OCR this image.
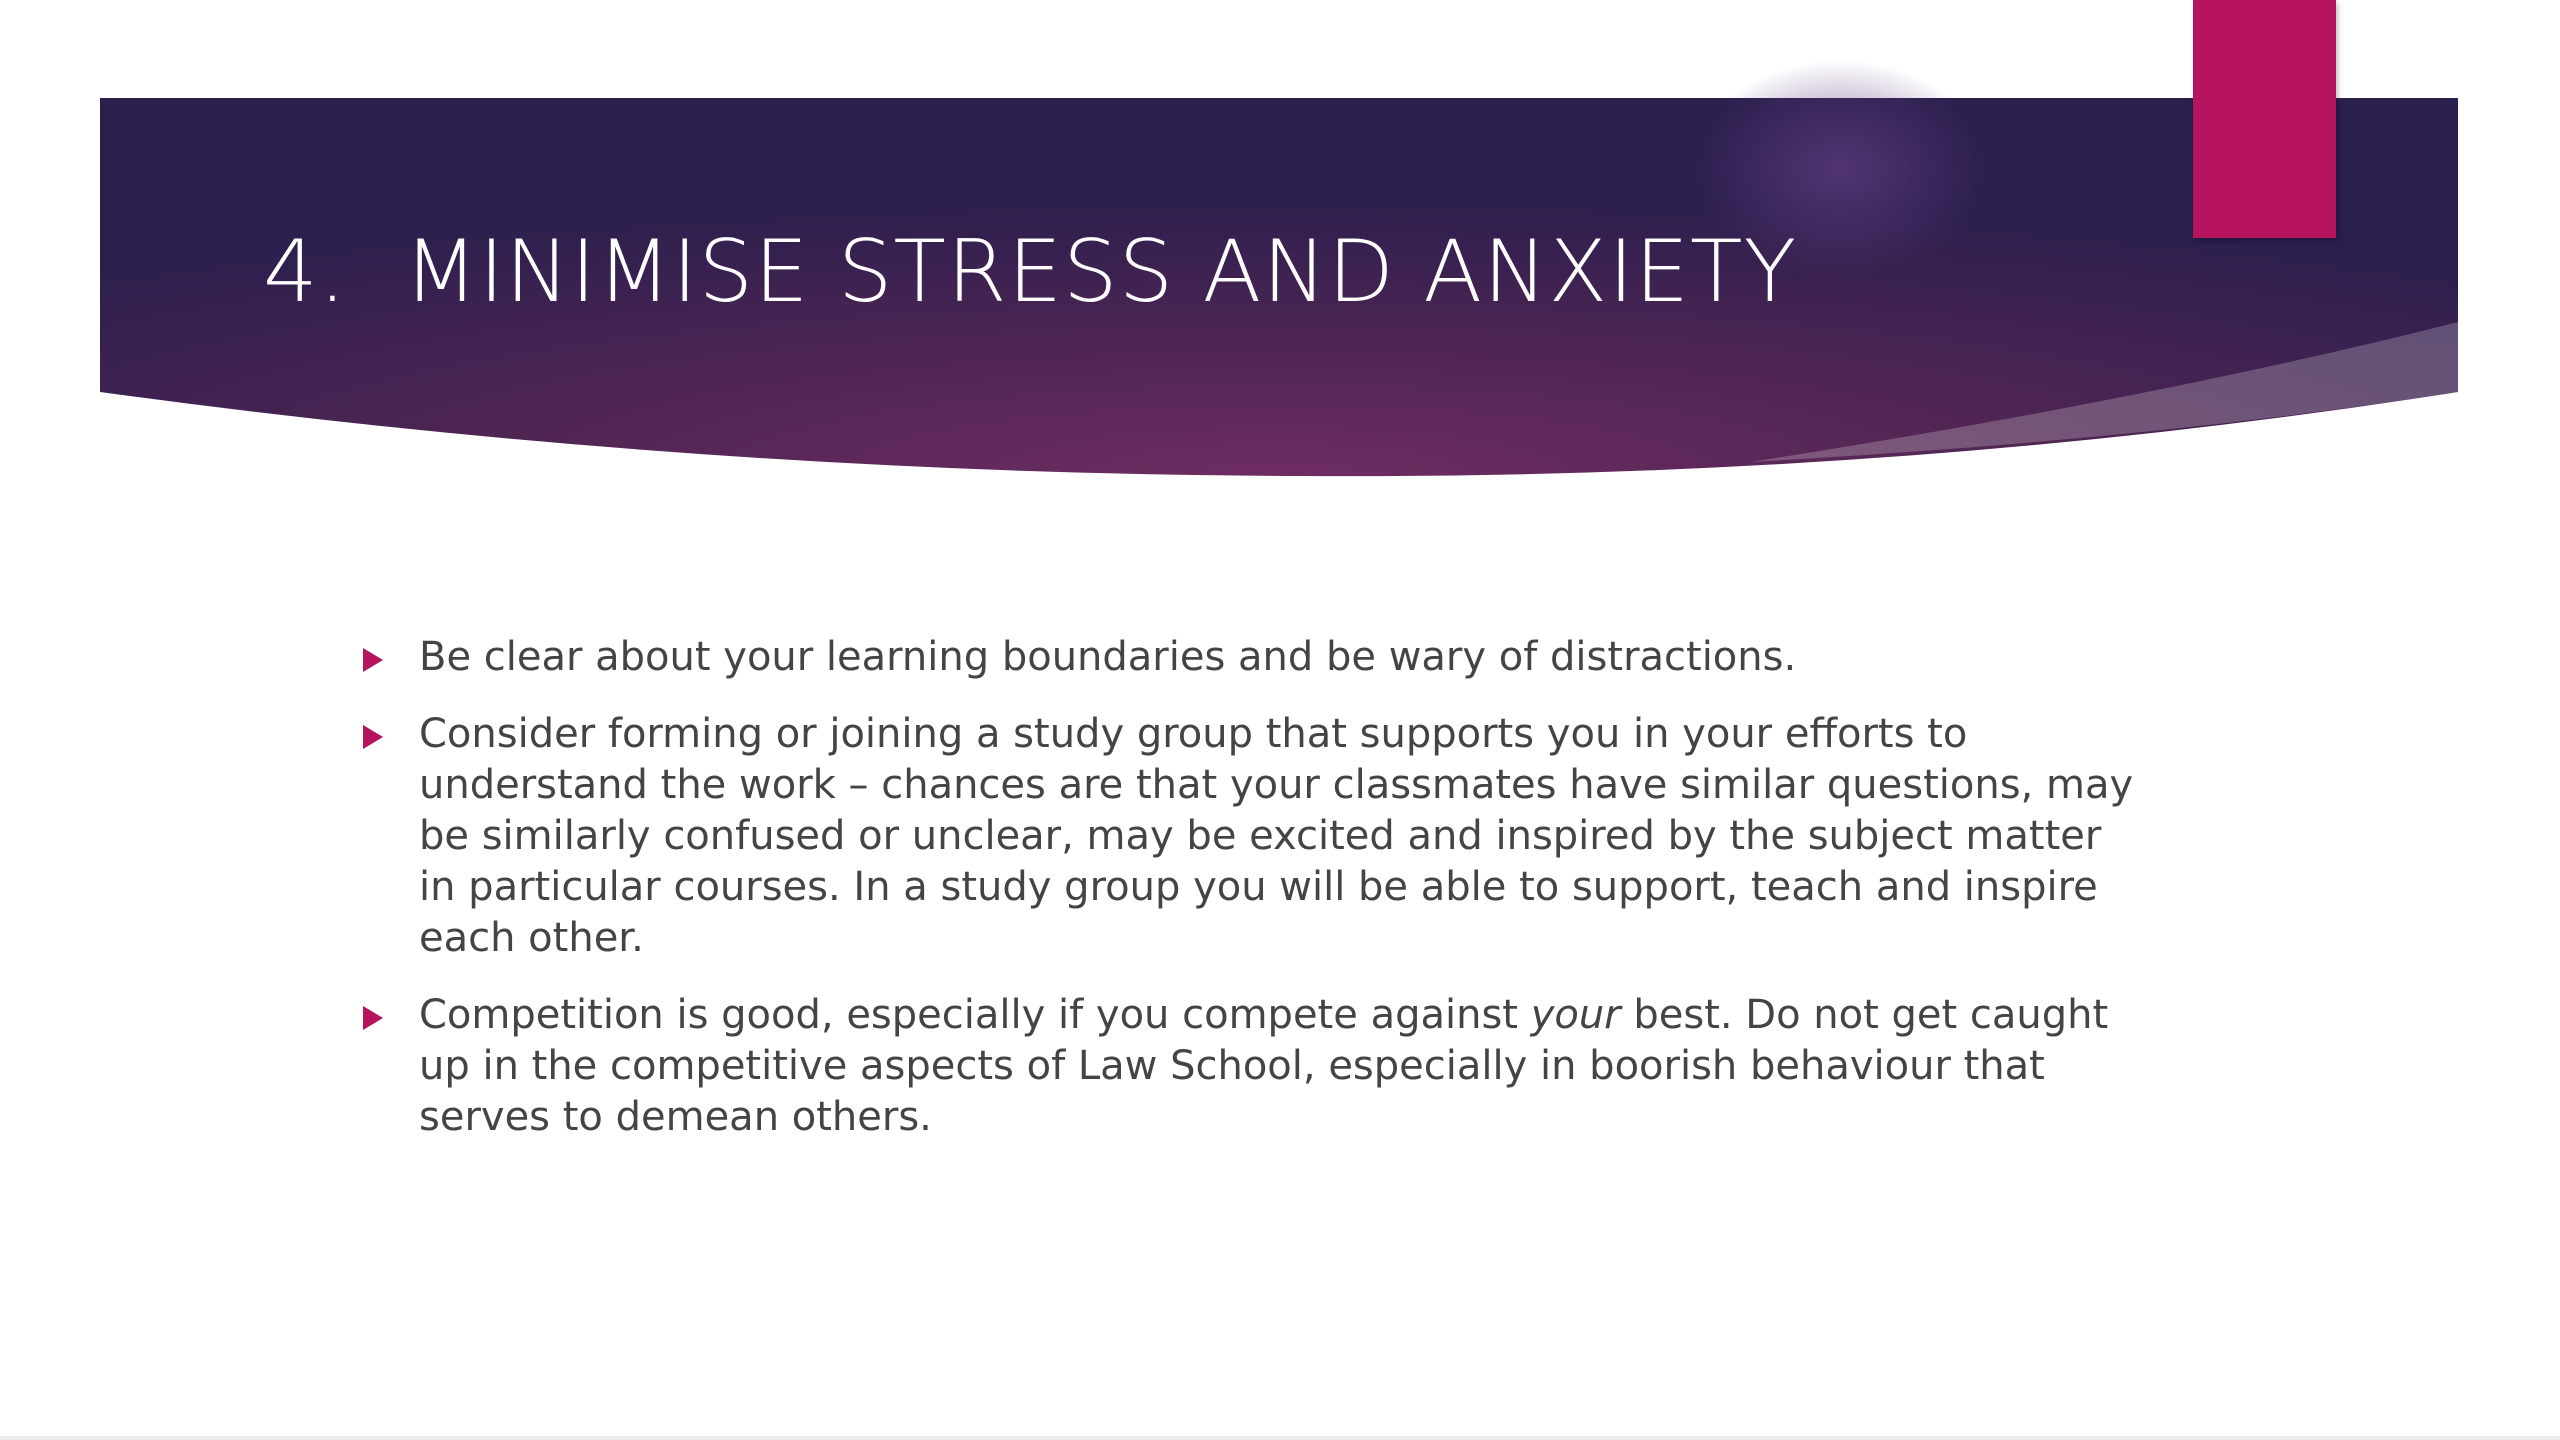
4.  MINIMISE STRESS AND ANXIETY
Be clear about your learning boundaries and be wary of distractions.
Consider forming or joining a study group that supports you in your efforts to understand the work – chances are that your classmates have similar questions, may be similarly confused or unclear, may be excited and inspired by the subject matter in particular courses. In a study group you will be able to support, teach and inspire each other.
Competition is good, especially if you compete against your best. Do not get caught up in the competitive aspects of Law School, especially in boorish behaviour that serves to demean others.
